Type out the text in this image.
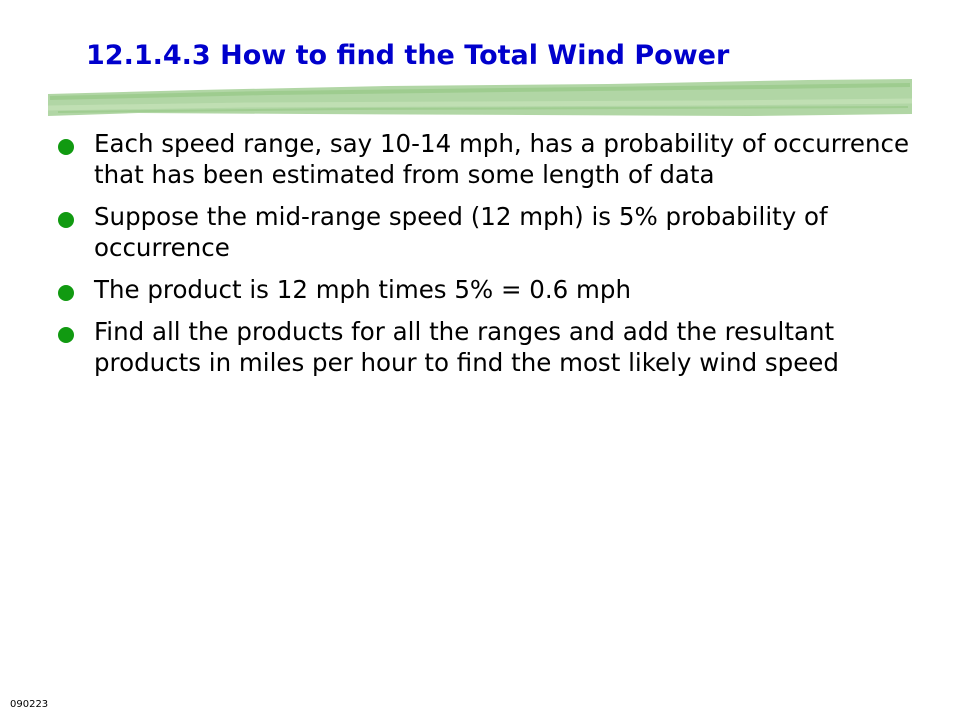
12.1.4.3 How to find the Total Wind Power
Each speed range, say 10-14 mph, has a probability of occurrence that has been estimated from some length of data
Suppose the mid-range speed (12 mph) is 5% probability of occurrence
The product is 12 mph times 5% = 0.6 mph
Find all the products for all the ranges and add the resultant products in miles per hour to find the most likely wind speed
090223
